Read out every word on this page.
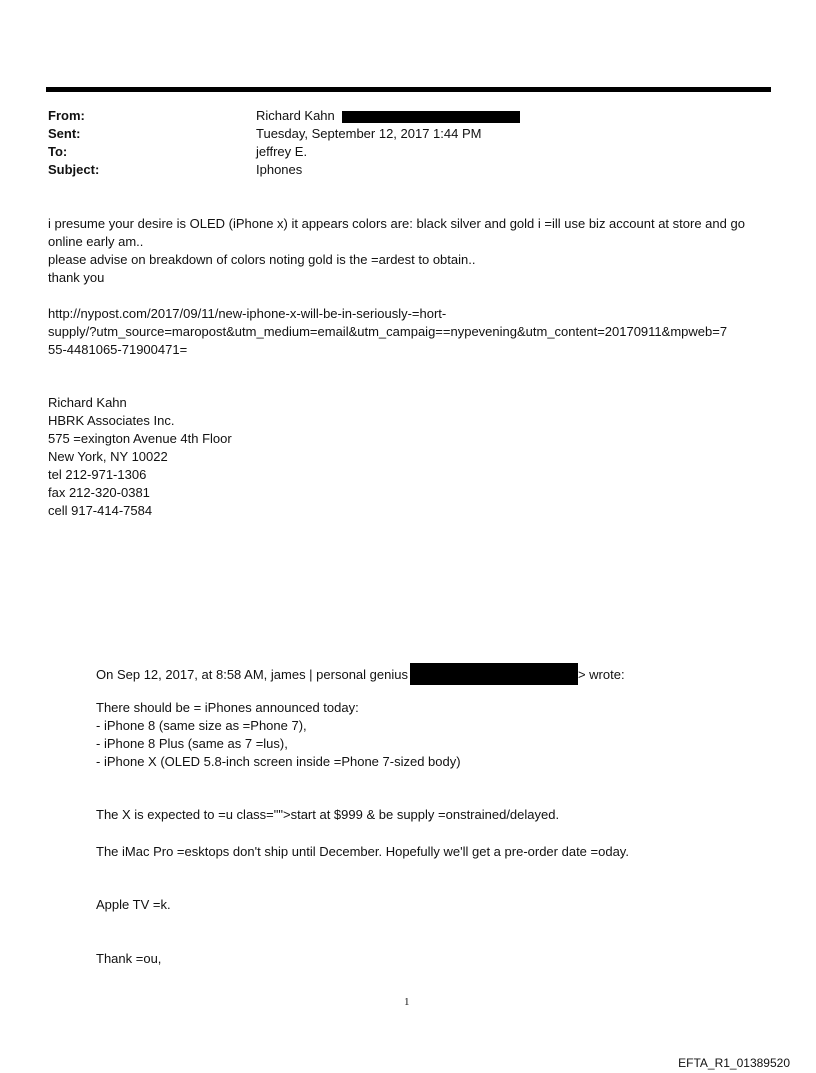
From:	Richard Kahn
Sent:	Tuesday, September 12, 2017 1:44 PM
To:	jeffrey E.
Subject:	Iphones

i presume your desire is OLED (iPhone x) it appears colors are: black silver and gold i =ill use biz account at store and go

online early am..

please advise on breakdown of colors noting gold is the =ardest to obtain..

thank you

http://nypost.com/2017/09/11/new-iphone-x-will-be-in-seriously-=hort-

supply/?utm_source=maropost&utm_medium=email&utm_campaig==nypevening&utm_content=20170911&mpweb=7

55-4481065-71900471=

Richard Kahn

HBRK Associates Inc.

575 =exington Avenue 4th Floor

New York, NY 10022

tel 212-971-1306

fax 212-320-0381

cell 917-414-7584

On Sep 12, 2017, at 8:58 AM, james | personal genius	> wrote:

There should be = iPhones announced today:

- iPhone 8 (same size as =Phone 7),

- iPhone 8 Plus (same as 7 =lus),

- iPhone X (OLED 5.8-inch screen inside =Phone 7-sized body)

The X is expected to =u class="">start at $999 & be supply =onstrained/delayed.
The iMac Pro =esktops don't ship until December. Hopefully we'll get a pre-order date =oday.
Apple TV =k.
Thank =ou,
1
EFTA_R1_01389520
